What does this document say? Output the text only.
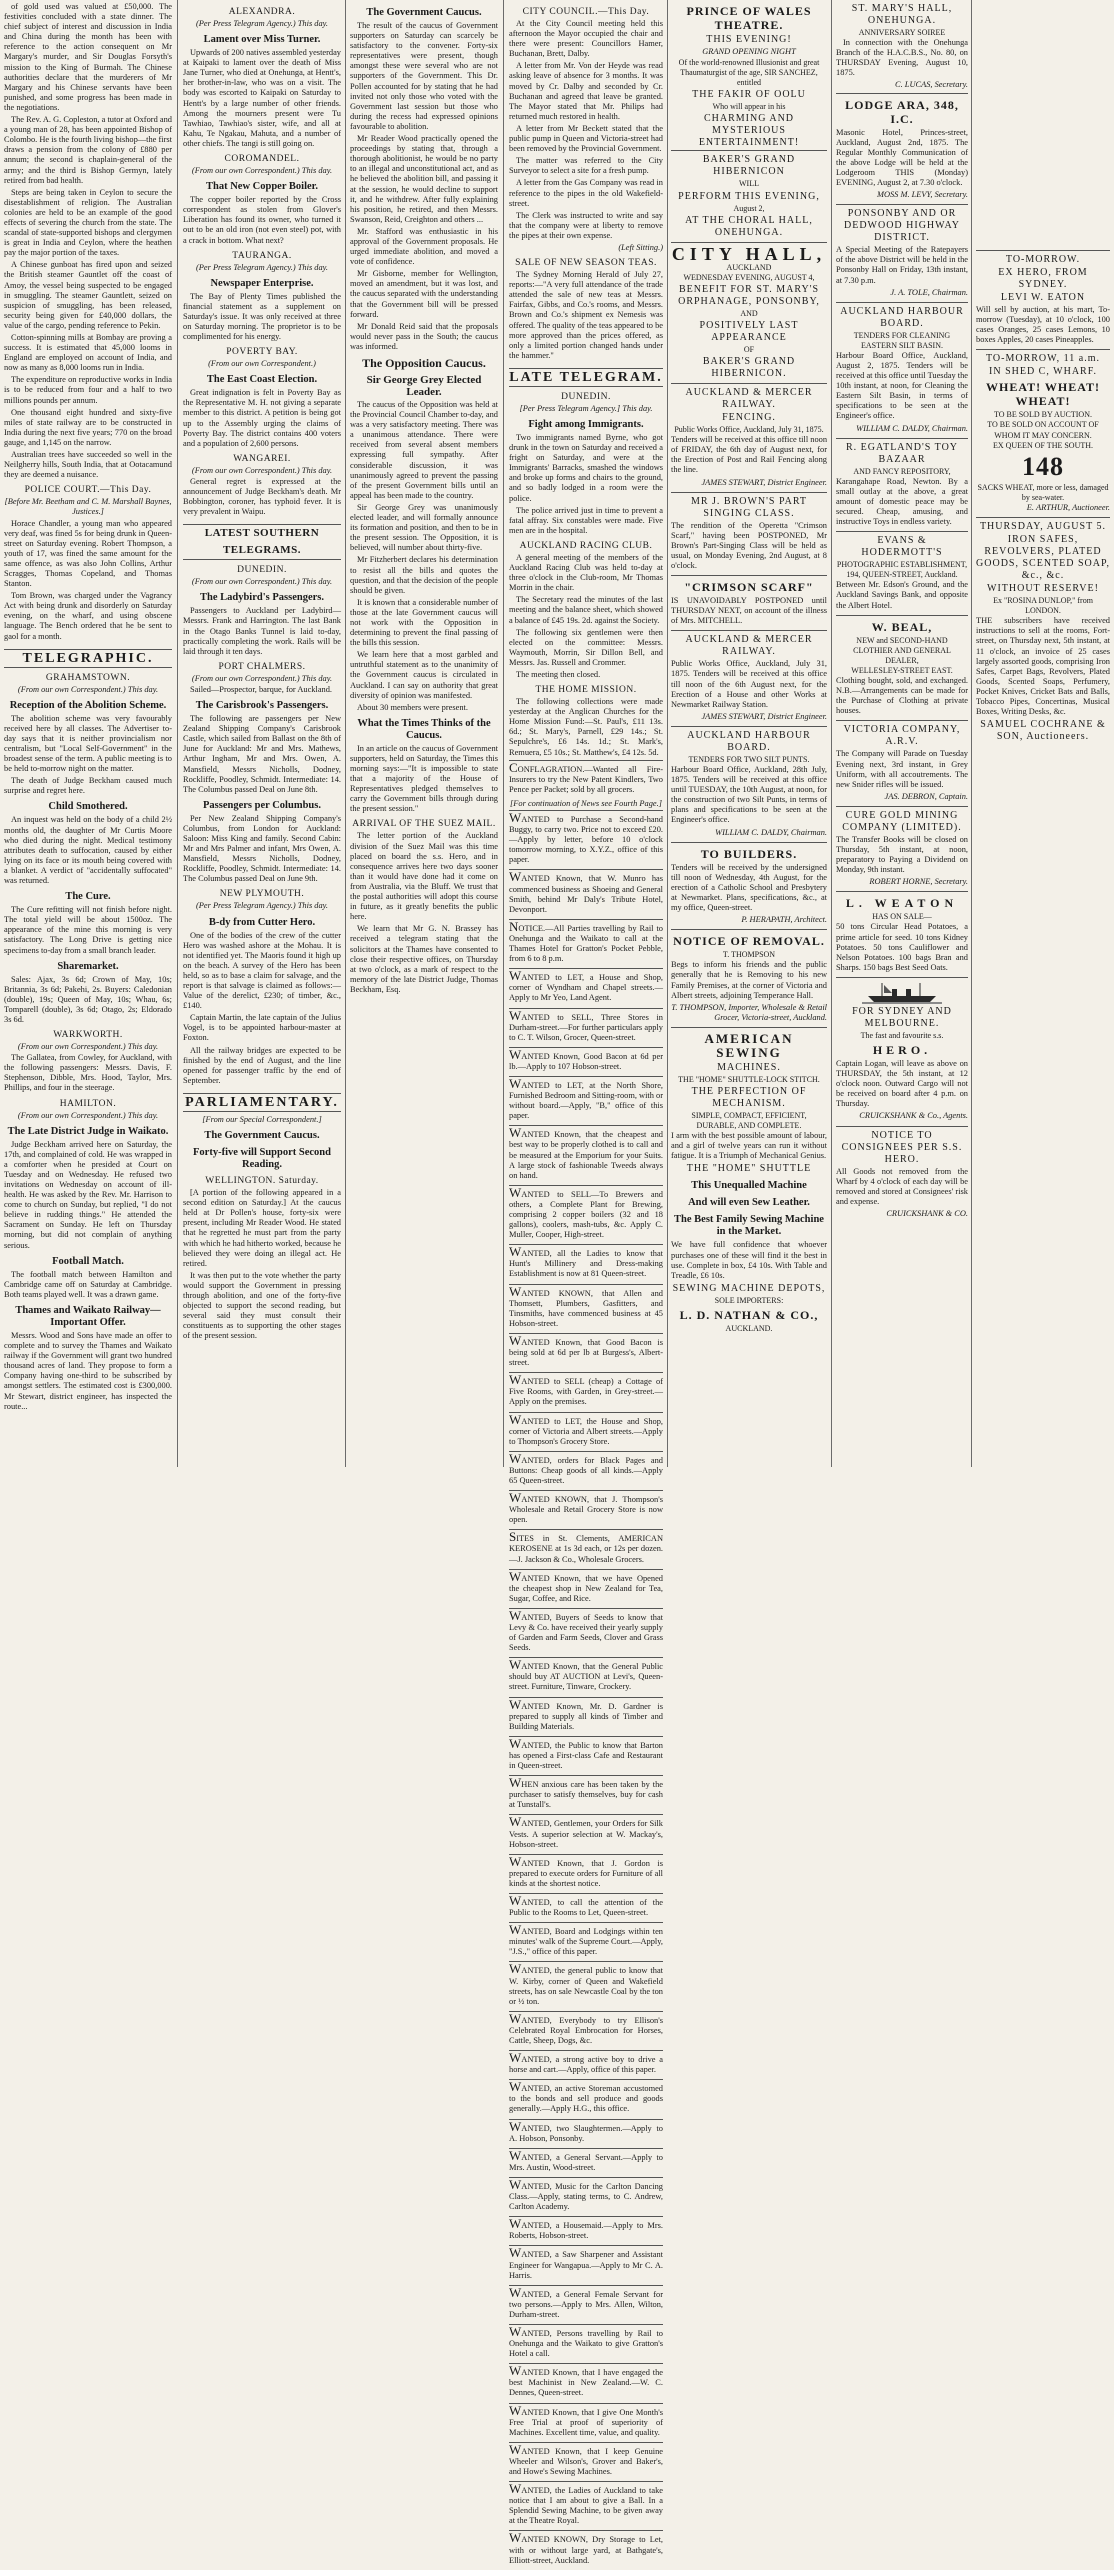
of gold used was valued at £50,000. The festivities concluded with a state dinner. The chief subject of interest and discussion in India and China during the month has been with reference to the action consequent on Mr Margary's murder, and Sir Douglas Forsyth's mission to the King of Burmah. The Chinese authorities declare that the murderers of Mr Margary and his Chinese servants have been punished, and some progress has been made in the negotiations.

The Rev. A. G. Copleston, a tutor at Oxford and a young man of 28, has been appointed Bishop of Colombo. He is the fourth living bishop—the first draws a pension from the colony of £880 per annum; the second is chaplain-general of the army; and the third is Bishop Germyn, lately retired from bad health.

Steps are being taken in Ceylon to secure the disestablishment of religion. The Australian colonies are held to be an example of the good effects of severing the church from the state. The scandal of state-supported bishops and clergymen is great in India and Ceylon, where the heathen pay the major portion of the taxes.

A Chinese gunboat has fired upon and seized the British steamer Gauntlet off the coast of Amoy, the vessel being suspected to be engaged in smuggling. The steamer Gauntlett, seized on suspicion of smuggling, has been released, security being given for £40,000 dollars, the value of the cargo, pending reference to Pekin.

Cotton-spinning mills at Bombay are proving a success. It is estimated that 45,000 looms in England are employed on account of India, and now as many as 8,000 looms run in India.

The expenditure on reproductive works in India is to be reduced from four and a half to two millions pounds per annum.

One thousand eight hundred and sixty-five miles of state railway are to be constructed in India during the next five years; 770 on the broad gauge, and 1,145 on the narrow.

Australian trees have succeeded so well in the Neilgherry hills, South India, that at Ootacamund they are deemed a nuisance.

POLICE COURT.—This Day.
[Before Mr. Beetham and C. M. Marshall Baynes, Justices.]

Horace Chandler, a young man who appeared very deaf, was fined 5s for being drunk in Queen-street on Saturday evening. Robert Thompson, a youth of 17, was fined the same amount for the same offence, as was also John Collins, Arthur Scragges, Thomas Copeland, and Thomas Stanton.

Tom Brown, was charged under the Vagrancy Act with being drunk and disorderly on Saturday evening, on the wharf, and using obscene language. The Bench ordered that he be sent to gaol for a month.

TELEGRAPHIC.
GRAHAMSTOWN.
(From our own Correspondent.) This day.
Reception of the Abolition Scheme.

The abolition scheme was very favourably received here by all classes. The Advertiser to-day says that it is neither provincialism nor centralism, but "Local Self-Government" in the broadest sense of the term. A public meeting is to be held to-morrow night on the matter.

The death of Judge Beckham caused much surprise and regret here.

Child Smothered.

An inquest was held on the body of a child 2½ months old, the daughter of Mr Curtis Moore who died during the night. Medical testimony attributes death to suffocation, caused by either lying on its face or its mouth being covered with a blanket. A verdict of "accidentally suffocated" was returned.

The Cure.

The Cure refitting will not finish before night. The total yield will be about 1500oz. The appearance of the mine this morning is very satisfactory. The Long Drive is getting nice specimens to-day from a small branch leader.

Sharemarket.

Sales: Ajax, 3s 6d; Crown of May, 10s; Britannia, 3s 6d; Pakehi, 2s. Buyers: Caledonian (double), 19s; Queen of May, 10s; Whau, 6s; Tomparell (double), 3s 6d; Otago, 2s; Eldorado 3s 6d.

WARKWORTH.
(From our own Correspondent.) This day.

The Gallatea, from Cowley, for Auckland, with the following passengers: Messrs. Davis, F. Stephenson, Dibble, Mrs. Hood, Taylor, Mrs. Phillips, and four in the steerage.

HAMILTON.
(From our own Correspondent.) This day.
The Late District Judge in Waikato.

Judge Beckham arrived here on Saturday, the 17th, and complained of cold. He was wrapped in a comforter when he presided at Court on Tuesday and on Wednesday. He refused two invitations on Wednesday on account of ill-health. He was asked by the Rev. Mr. Harrison to come to church on Sunday, but replied, "I do not believe in rudding things." He attended the Sacrament on Sunday. He left on Thursday morning, but did not complain of anything serious.

Football Match.

The football match between Hamilton and Cambridge came off on Saturday at Cambridge. Both teams played well. It was a drawn game.

Thames and Waikato Railway—Important Offer.

Messrs. Wood and Sons have made an offer to complete and to survey the Thames and Waikato railway if the Government will grant two hundred thousand acres of land. They propose to form a Company having one-third to be subscribed by amongst settlers. The estimated cost is £300,000. Mr Stewart, district engineer, has inspected the route...

ALEXANDRA.
(Per Press Telegram Agency.) This day.
Lament over Miss Turner.

Upwards of 200 natives assembled yesterday at Kaipaki to lament over the death of Miss Jane Turner, who died at Onehunga, at Hentt's, her brother-in-law, who was on a visit. The body was escorted to Kaipaki on Saturday to Hentt's by a large number of other friends. Among the mourners present were Tu Tawhiao, Tawhiao's sister, wife, and all at Kahu, Te Ngakau, Mahuta, and a number of other chiefs. The tangi is still going on.

COROMANDEL.
(From our own Correspondent.) This day.
That New Copper Boiler.

The copper boiler reported by the Cross correspondent as stolen from Glover's Liberation has found its owner, who turned it out to be an old iron (not even steel) pot, with a crack in bottom. What next?

TAURANGA.
(Per Press Telegram Agency.) This day.
Newspaper Enterprise.

The Bay of Plenty Times published the financial statement as a supplement on Saturday's issue. It was only received at three on Saturday morning. The proprietor is to be complimented for his energy.

POVERTY BAY.
(From our own Correspondent.)
The East Coast Election.

Great indignation is felt in Poverty Bay as the Representative M. H. not giving a separate member to this district. A petition is being got up to the Assembly urging the claims of Poverty Bay. The district contains 400 voters and a population of 2,600 persons.

WANGAREI.
(From our own Correspondent.) This day.

General regret is expressed at the announcement of Judge Beckham's death. Mr Bobbington, coroner, has typhoid fever. It is very prevalent in Waipu.

LATEST SOUTHERN TELEGRAMS.
DUNEDIN.
(From our own Correspondent.) This day.
The Ladybird's Passengers.

Passengers to Auckland per Ladybird—Messrs. Frank and Harrington. The last Bank in the Otago Banks Tunnel is laid to-day, practically completing the work. Rails will be laid through it ten days.

PORT CHALMERS.
(From our own Correspondent.) This day.

Sailed—Prospector, barque, for Auckland.

The Carisbrook's Passengers.

The following are passengers per New Zealand Shipping Company's Carisbrook Castle, which sailed from Ballast on the 8th of June for Auckland: Mr and Mrs. Mathews, Arthur Ingham, Mr and Mrs. Owen, A. Mansfield, Messrs Nicholls, Dodney, Rockliffe, Poodley, Schmidt. Intermediate: 14. The Columbus passed Deal on June 8th.

Passengers per Columbus.

Per New Zealand Shipping Company's Columbus, from London for Auckland: Saloon: Miss King and family. Second Cabin: Mr and Mrs Palmer and infant, Mrs Owen, A. Mansfield, Messrs Nicholls, Dodney, Rockliffe, Poodley, Schmidt. Intermediate: 14. The Columbus passed Deal on June 9th.

NEW PLYMOUTH.
(Per Press Telegram Agency.) This day.
B-dy from Cutter Hero.

One of the bodies of the crew of the cutter Hero was washed ashore at the Mohau. It is not identified yet. The Maoris found it high up on the beach. A survey of the Hero has been held, so as to base a claim for salvage, and the report is that salvage is claimed as follows:—Value of the derelict, £230; of timber, &c., £140.

Captain Martin, the late captain of the Julius Vogel, is to be appointed harbour-master at Foxton.

All the railway bridges are expected to be finished by the end of August, and the line opened for passenger traffic by the end of September.

PARLIAMENTARY.
[From our Special Correspondent.]
The Government Caucus.
Forty-five will Support Second Reading.
WELLINGTON. Saturday.

[A portion of the following appeared in a second edition on Saturday.] At the caucus held at Dr Pollen's house, forty-six were present, including Mr Reader Wood. He stated that he regretted he must part from the party with which he had hitherto worked, because he believed they were doing an illegal act. He retired.

It was then put to the vote whether the party would support the Government in pressing through abolition, and one of the forty-five objected to support the second reading, but several said they must consult their constituents as to supporting the other stages of the present session.

The Government Caucus.

The result of the caucus of Government supporters on Saturday can scarcely be satisfactory to the convener. Forty-six representatives were present, though amongst these were several who are not supporters of the Government. This Dr. Pollen accounted for by stating that he had invited not only those who voted with the Government last session but those who during the recess had expressed opinions favourable to abolition.

Mr Reader Wood practically opened the proceedings by stating that, through a thorough abolitionist, he would be no party to an illegal and unconstitutional act, and as he believed the abolition bill, and passing it at the session, he would decline to support it, and he withdrew. After fully explaining his position, he retired, and then Messrs. Swanson, Reid, Creighton and others ...

Mr. Stafford was enthusiastic in his approval of the Government proposals. He urged immediate abolition, and moved a vote of confidence.

Mr Gisborne, member for Wellington, moved an amendment, but it was lost, and the caucus separated with the understanding that the Government bill will be pressed forward.

Mr Donald Reid said that the proposals would never pass in the South; the caucus was informed.

The Opposition Caucus.
Sir George Grey Elected Leader.

The caucus of the Opposition was held at the Provincial Council Chamber to-day, and was a very satisfactory meeting. There was a unanimous attendance. There were received from several absent members expressing full sympathy. After considerable discussion, it was unanimously agreed to prevent the passing of the present Government bills until an appeal has been made to the country.

Sir George Grey was unanimously elected leader, and will formally announce its formation and position, and then to be in the present session. The Opposition, it is believed, will number about thirty-five.

Mr Fitzherbert declares his determination to resist all the bills and quotes the question, and that the decision of the people should be given.

It is known that a considerable number of those at the late Government caucus will not work with the Opposition in determining to prevent the final passing of the bills this session.

We learn here that a most garbled and untruthful statement as to the unanimity of the Government caucus is circulated in Auckland. I can say on authority that great diversity of opinion was manifested.

About 30 members were present.

What the Times Thinks of the Caucus.

In an article on the caucus of Government supporters, held on Saturday, the Times this morning says:—"It is impossible to state that a majority of the House of Representatives pledged themselves to carry the Government bills through during the present session."

ARRIVAL OF THE SUEZ MAIL.

The letter portion of the Auckland division of the Suez Mail was this time placed on board the s.s. Hero, and in consequence arrives here two days sooner than it would have done had it come on from Australia, via the Bluff. We trust that the postal authorities will adopt this course in future, as it greatly benefits the public here.

We learn that Mr G. N. Brassey has received a telegram stating that the solicitors at the Thames have consented to close their respective offices, on Thursday at two o'clock, as a mark of respect to the memory of the late District Judge, Thomas Beckham, Esq.

CITY COUNCIL.—This Day.

At the City Council meeting held this afternoon the Mayor occupied the chair and there were present: Councillors Hamer, Buchanan, Brett, Dalby.

A letter from Mr. Von der Heyde was read asking leave of absence for 3 months. It was moved by Cr. Dalby and seconded by Cr. Buchanan and agreed that leave be granted. The Mayor stated that Mr. Philips had returned much restored in health.

A letter from Mr Beckett stated that the public pump in Queen and Victoria-street had been removed by the Provincial Government.

The matter was referred to the City Surveyor to select a site for a fresh pump.

A letter from the Gas Company was read in reference to the pipes in the old Wakefield-street.

The Clerk was instructed to write and say that the company were at liberty to remove the pipes at their own expense.

(Left Sitting.)
SALE OF NEW SEASON TEAS.

The Sydney Morning Herald of July 27, reports:—"A very full attendance of the trade attended the sale of new teas at Messrs. Fairfax, Gibbs, and Co.'s rooms, and Messrs. Brown and Co.'s shipment ex Nemesis was offered. The quality of the teas appeared to be more approved than the prices offered, as only a limited portion changed hands under the hammer."

LATE TELEGRAM.
DUNEDIN.
[Per Press Telegram Agency.] This day.
Fight among Immigrants.

Two immigrants named Byrne, who got drunk in the town on Saturday and received a fright on Saturday, and were at the Immigrants' Barracks, smashed the windows and broke up forms and chairs to the ground, and so badly lodged in a room were the police.

The police arrived just in time to prevent a fatal affray. Six constables were made. Five men are in the hospital.

AUCKLAND RACING CLUB.

A general meeting of the members of the Auckland Racing Club was held to-day at three o'clock in the Club-room, Mr Thomas Morrin in the chair.

The Secretary read the minutes of the last meeting and the balance sheet, which showed a balance of £45 19s. 2d. against the Society.

The following six gentlemen were then elected on the committee: Messrs. Waymouth, Morrin, Sir Dillon Bell, and Messrs. Jas. Russell and Crommer.

The meeting then closed.

THE HOME MISSION.

The following collections were made yesterday at the Anglican Churches for the Home Mission Fund:—St. Paul's, £11 13s. 6d.; St. Mary's, Parnell, £29 14s.; St. Sepulchre's, £6 14s. 1d.; St. Mark's, Remuera, £5 10s.; St. Matthew's, £4 12s. 5d.

CONFLAGRATION.—Wanted all Fire-Insurers to try the New Patent Kindlers, Two Pence per Packet; sold by all grocers.

[For continuation of News see Fourth Page.]

WANTED to Purchase a Second-hand Buggy, to carry two. Price not to exceed £20.—Apply by letter, before 10 o'clock tomorrow morning, to X.Y.Z., office of this paper.

WANTED Known, that W. Munro has commenced business as Shoeing and General Smith, behind Mr Daly's Tribute Hotel, Devonport.

NOTICE.—All Parties travelling by Rail to Onehunga and the Waikato to call at the Thames Hotel for Gratton's Pocket Pebble, from 6 to 8 p.m.

WANTED to LET, a House and Shop, corner of Wyndham and Chapel streets.—Apply to Mr Yeo, Land Agent.

WANTED to SELL, Three Stores in Durham-street.—For further particulars apply to C. T. Wilson, Grocer, Queen-street.

WANTED Known, Good Bacon at 6d per lb.—Apply to 107 Hobson-street.

WANTED to LET, at the North Shore, Furnished Bedroom and Sitting-room, with or without board.—Apply, "B," office of this paper.

WANTED Known, that the cheapest and best way to be properly clothed is to call and be measured at the Emporium for your Suits. A large stock of fashionable Tweeds always on hand.

WANTED to SELL—To Brewers and others, a Complete Plant for Brewing, comprising 2 copper boilers (32 and 18 gallons), coolers, mash-tubs, &c. Apply C. Muller, Cooper, High-street.

WANTED, all the Ladies to know that Hunt's Millinery and Dress-making Establishment is now at 81 Queen-street.

WANTED KNOWN, that Allen and Thomsett, Plumbers, Gasfitters, and Tinsmiths, have commenced business at 45 Hobson-street.

WANTED Known, that Good Bacon is being sold at 6d per lb at Burgess's, Albert-street.

WANTED to SELL (cheap) a Cottage of Five Rooms, with Garden, in Grey-street.—Apply on the premises.

WANTED to LET, the House and Shop, corner of Victoria and Albert streets.—Apply to Thompson's Grocery Store.

WANTED, orders for Black Pages and Buttons: Cheap goods of all kinds.—Apply 65 Queen-street.

WANTED KNOWN, that J. Thompson's Wholesale and Retail Grocery Store is now open.

SITES in St. Clements, AMERICAN KEROSENE at 1s 3d each, or 12s per dozen.—J. Jackson & Co., Wholesale Grocers.

WANTED Known, that we have Opened the cheapest shop in New Zealand for Tea, Sugar, Coffee, and Rice.

WANTED, Buyers of Seeds to know that Levy & Co. have received their yearly supply of Garden and Farm Seeds, Clover and Grass Seeds.

WANTED Known, that the General Public should buy AT AUCTION at Levi's, Queen-street. Furniture, Tinware, Crockery.

WANTED Known, Mr. D. Gardner is prepared to supply all kinds of Timber and Building Materials.

WANTED, the Public to know that Barton has opened a First-class Cafe and Restaurant in Queen-street.

WHEN anxious care has been taken by the purchaser to satisfy themselves, buy for cash at Tunstall's.

WANTED, Gentlemen, your Orders for Silk Vests. A superior selection at W. Mackay's, Hobson-street.

WANTED Known, that J. Gordon is prepared to execute orders for Furniture of all kinds at the shortest notice.

WANTED, to call the attention of the Public to the Rooms to Let, Queen-street.

WANTED, Board and Lodgings within ten minutes' walk of the Supreme Court.—Apply, "J.S.," office of this paper.

WANTED, the general public to know that W. Kirby, corner of Queen and Wakefield streets, has on sale Newcastle Coal by the ton or ½ ton.

WANTED, Everybody to try Ellison's Celebrated Royal Embrocation for Horses, Cattle, Sheep, Dogs, &c.

WANTED, a strong active boy to drive a horse and cart.—Apply, office of this paper.

WANTED, an active Storeman accustomed to the bonds and sell produce and goods generally.—Apply H.G., this office.

WANTED, two Slaughtermen.—Apply to A. Hobson, Ponsonby.

WANTED, a General Servant.—Apply to Mrs. Austin, Wood-street.

WANTED, Music for the Carlton Dancing Class.—Apply, stating terms, to C. Andrew, Carlton Academy.

WANTED, a Housemaid.—Apply to Mrs. Roberts, Hobson-street.

WANTED, a Saw Sharpener and Assistant Engineer for Wangapua.—Apply to Mr C. A. Harris.

WANTED, a General Female Servant for two persons.—Apply to Mrs. Allen, Wilton, Durham-street.

WANTED, Persons travelling by Rail to Onehunga and the Waikato to give Gratton's Hotel a call.

WANTED Known, that I have engaged the best Machinist in New Zealand.—W. C. Dennes, Queen-street.

WANTED Known, that I give One Month's Free Trial at proof of superiority of Machines. Excellent time, value, and quality.

WANTED Known, that I keep Genuine Wheeler and Wilson's, Grover and Baker's, and Howe's Sewing Machines.

WANTED, the Ladies of Auckland to take notice that I am about to give a Ball. In a Splendid Sewing Machine, to be given away at the Theatre Royal.

WANTED KNOWN, Dry Storage to Let, with or without large yard, at Bathgate's, Elliott-street, Auckland.

PRINCE OF WALES THEATRE.
THIS EVENING!
GRAND OPENING NIGHT
Of the world-renowned Illusionist and great Thaumaturgist of the age, SIR SANCHEZ, entitled
THE FAKIR OF OOLU
Who will appear in his
CHARMING AND MYSTERIOUS ENTERTAINMENT!
BAKER'S GRAND HIBERNICON
WILL
PERFORM THIS EVENING,
August 2,
AT THE CHORAL HALL, ONEHUNGA.
CITY HALL,
AUCKLAND
WEDNESDAY EVENING, AUGUST 4,
BENEFIT FOR ST. MARY'S ORPHANAGE, PONSONBY,
AND
POSITIVELY LAST APPEARANCE
OF
BAKER'S GRAND HIBERNICON.
AUCKLAND & MERCER RAILWAY.
FENCING.
Public Works Office, Auckland, July 31, 1875.

Tenders will be received at this office till noon of FRIDAY, the 6th day of August next, for the Erection of Post and Rail Fencing along the line.

JAMES STEWART, District Engineer.
MR J. BROWN'S PART SINGING CLASS.

The rendition of the Operetta "Crimson Scarf," having been POSTPONED, Mr Brown's Part-Singing Class will be held as usual, on Monday Evening, 2nd August, at 8 o'clock.

"CRIMSON SCARF"

IS UNAVOIDABLY POSTPONED until THURSDAY NEXT, on account of the illness of Mrs. MITCHELL.

AUCKLAND & MERCER RAILWAY.

Public Works Office, Auckland, July 31, 1875. Tenders will be received at this office till noon of the 6th August next, for the Erection of a House and other Works at Newmarket Railway Station.

JAMES STEWART, District Engineer.
AUCKLAND HARBOUR BOARD.
TENDERS FOR TWO SILT PUNTS.

Harbour Board Office, Auckland, 28th July, 1875. Tenders will be received at this office until TUESDAY, the 10th August, at noon, for the construction of two Silt Punts, in terms of plans and specifications to be seen at the Engineer's office.

WILLIAM C. DALDY, Chairman.
TO BUILDERS.

Tenders will be received by the undersigned till noon of Wednesday, 4th August, for the erection of a Catholic School and Presbytery at Newmarket. Plans, specifications, &c., at my office, Queen-street.

P. HERAPATH, Architect.
NOTICE OF REMOVAL.
T. THOMPSON

Begs to inform his friends and the public generally that he is Removing to his new Family Premises, at the corner of Victoria and Albert streets, adjoining Temperance Hall.

T. THOMPSON, Importer, Wholesale & Retail Grocer, Victoria-street, Auckland.
AMERICAN SEWING
MACHINES.
THE "HOME" SHUTTLE-LOCK STITCH.
THE PERFECTION OF MECHANISM.
SIMPLE, COMPACT, EFFICIENT, DURABLE, AND COMPLETE.

I arm with the best possible amount of labour, and a girl of twelve years can run it without fatigue. It is a Triumph of Mechanical Genius.

THE "HOME" SHUTTLE
This Unequalled Machine
And will even Sew Leather.
The Best Family Sewing Machine in the Market.

We have full confidence that whoever purchases one of these will find it the best in use. Complete in box, £4 10s. With Table and Treadle, £6 10s.

SEWING MACHINE DEPOTS,
SOLE IMPORTERS:
L. D. NATHAN & CO.,
AUCKLAND.
ST. MARY'S HALL, ONEHUNGA.
ANNIVERSARY SOIREE

In connection with the Onehunga Branch of the H.A.C.B.S., No. 80, on THURSDAY Evening, August 10, 1875.

C. LUCAS, Secretary.
LODGE ARA, 348, I.C.

Masonic Hotel, Princes-street, Auckland, August 2nd, 1875. The Regular Monthly Communication of the above Lodge will be held at the Lodgeroom THIS (Monday) EVENING, August 2, at 7.30 o'clock.

MOSS M. LEVY, Secretary.
PONSONBY AND OR DEDWOOD HIGHWAY DISTRICT.

A Special Meeting of the Ratepayers of the above District will be held in the Ponsonby Hall on Friday, 13th instant, at 7.30 p.m.

J. A. TOLE, Chairman.
AUCKLAND HARBOUR BOARD.
TENDERS FOR CLEANING EASTERN SILT BASIN.

Harbour Board Office, Auckland, August 2, 1875. Tenders will be received at this office until Tuesday the 10th instant, at noon, for Cleaning the Eastern Silt Basin, in terms of specifications to be seen at the Engineer's office.

WILLIAM C. DALDY, Chairman.
R. EGATLAND'S TOY BAZAAR
AND FANCY REPOSITORY,

Karangahape Road, Newton. By a small outlay at the above, a great amount of domestic peace may be secured. Cheap, amusing, and instructive Toys in endless variety.

EVANS & HODERMOTT'S
PHOTOGRAPHIC ESTABLISHMENT,
194, QUEEN-STREET, Auckland.

Between Mr. Edson's Ground, and the Auckland Savings Bank, and opposite the Albert Hotel.

W. BEAL,
NEW and SECOND-HAND CLOTHIER AND GENERAL DEALER,
WELLESLEY-STREET EAST.

Clothing bought, sold, and exchanged. N.B.—Arrangements can be made for the Purchase of Clothing at private houses.

VICTORIA COMPANY, A.R.V.

The Company will Parade on Tuesday Evening next, 3rd instant, in Grey Uniform, with all accoutrements. The new Snider rifles will be issued.

JAS. DEBRON, Captain.
CURE GOLD MINING COMPANY (LIMITED).

The Transfer Books will be closed on Thursday, 5th instant, at noon, preparatory to Paying a Dividend on Monday, 9th instant.

ROBERT HORNE, Secretary.
L. WEATON
HAS ON SALE—

50 tons Circular Head Potatoes, a prime article for seed. 10 tons Kidney Potatoes. 50 tons Cauliflower and Nelson Potatoes. 100 bags Bran and Sharps. 150 bags Best Seed Oats.

FOR SYDNEY AND MELBOURNE.
The fast and favourite s.s.
HERO.

Captain Logan, will leave as above on THURSDAY, the 5th instant, at 12 o'clock noon. Outward Cargo will not be received on board after 4 p.m. on Thursday.

CRUICKSHANK & Co., Agents.
NOTICE TO CONSIGNEES PER S.S. HERO.

All Goods not removed from the Wharf by 4 o'clock of each day will be removed and stored at Consignees' risk and expense.

CRUICKSHANK & CO.
TO-MORROW.
EX HERO, FROM SYDNEY.
LEVI W. EATON

Will sell by auction, at his mart, To-morrow (Tuesday), at 10 o'clock, 100 cases Oranges, 25 cases Lemons, 10 boxes Apples, 20 cases Pineapples.

TO-MORROW, 11 a.m.
IN SHED C, WHARF.
WHEAT! WHEAT! WHEAT!
TO BE SOLD BY AUCTION.
TO BE SOLD ON ACCOUNT OF WHOM IT MAY CONCERN.
EX QUEEN OF THE SOUTH.
148
SACKS WHEAT, more or less, damaged by sea-water.
E. ARTHUR, Auctioneer.
THURSDAY, AUGUST 5.
IRON SAFES, REVOLVERS, PLATED GOODS, SCENTED SOAP, &c., &c.
WITHOUT RESERVE!
Ex "ROSINA DUNLOP," from LONDON.

THE subscribers have received instructions to sell at the rooms, Fort-street, on Thursday next, 5th instant, at 11 o'clock, an invoice of 25 cases largely assorted goods, comprising Iron Safes, Carpet Bags, Revolvers, Plated Goods, Scented Soaps, Perfumery, Pocket Knives, Cricket Bats and Balls, Tobacco Pipes, Concertinas, Musical Boxes, Writing Desks, &c.

SAMUEL COCHRANE & SON, Auctioneers.
